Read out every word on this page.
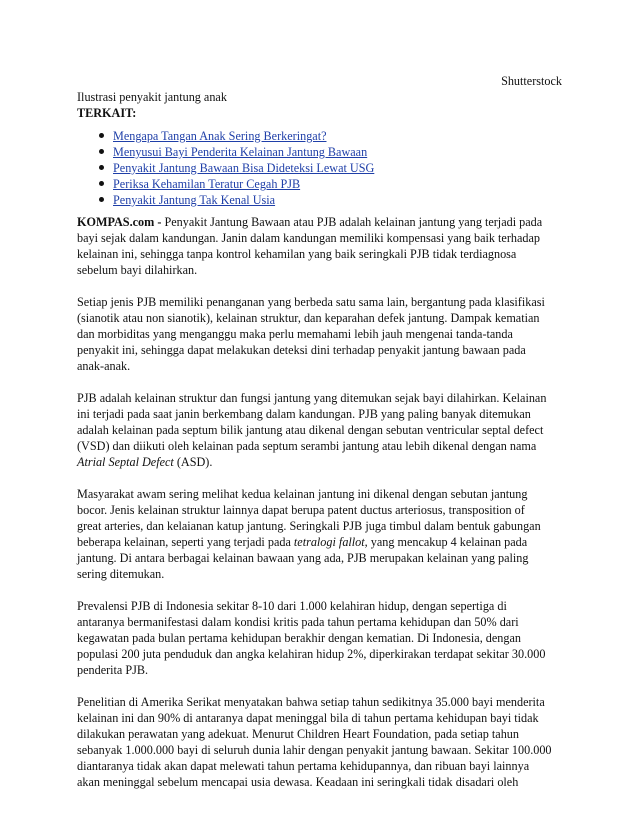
Shutterstock

Ilustrasi penyakit jantung anak

TERKAIT:

Mengapa Tangan Anak Sering Berkeringat?
Menyusui Bayi Penderita Kelainan Jantung Bawaan
Penyakit Jantung Bawaan Bisa Dideteksi Lewat USG
Periksa Kehamilan Teratur Cegah PJB
Penyakit Jantung Tak Kenal Usia

KOMPAS.com - Penyakit Jantung Bawaan atau PJB adalah kelainan jantung yang terjadi pada
bayi sejak dalam kandungan. Janin dalam kandungan memiliki kompensasi yang baik terhadap
kelainan ini, sehingga tanpa kontrol kehamilan yang baik seringkali PJB tidak terdiagnosa
sebelum bayi dilahirkan.

Setiap jenis PJB memiliki penanganan yang berbeda satu sama lain, bergantung pada klasifikasi
(sianotik atau non sianotik), kelainan struktur, dan keparahan defek jantung. Dampak kematian
dan morbiditas yang menganggu maka perlu memahami lebih jauh mengenai tanda-tanda
penyakit ini, sehingga dapat melakukan deteksi dini terhadap penyakit jantung bawaan pada
anak-anak.

PJB adalah kelainan struktur dan fungsi jantung yang ditemukan sejak bayi dilahirkan. Kelainan
ini terjadi pada saat janin berkembang dalam kandungan. PJB yang paling banyak ditemukan
adalah kelainan pada septum bilik jantung atau dikenal dengan sebutan ventricular septal defect
(VSD) dan diikuti oleh kelainan pada septum serambi jantung atau lebih dikenal dengan nama
Atrial Septal Defect (ASD).

Masyarakat awam sering melihat kedua kelainan jantung ini dikenal dengan sebutan jantung
bocor. Jenis kelainan struktur lainnya dapat berupa patent ductus arteriosus, transposition of
great arteries, dan kelaianan katup jantung. Seringkali PJB juga timbul dalam bentuk gabungan
beberapa kelainan, seperti yang terjadi pada tetralogi fallot, yang mencakup 4 kelainan pada
jantung. Di antara berbagai kelainan bawaan yang ada, PJB merupakan kelainan yang paling
sering ditemukan.

Prevalensi PJB di Indonesia sekitar 8-10 dari 1.000 kelahiran hidup, dengan sepertiga di
antaranya bermanifestasi dalam kondisi kritis pada tahun pertama kehidupan dan 50% dari
kegawatan pada bulan pertama kehidupan berakhir dengan kematian. Di Indonesia, dengan
populasi 200 juta penduduk dan angka kelahiran hidup 2%, diperkirakan terdapat sekitar 30.000
penderita PJB.

Penelitian di Amerika Serikat menyatakan bahwa setiap tahun sedikitnya 35.000 bayi menderita
kelainan ini dan 90% di antaranya dapat meninggal bila di tahun pertama kehidupan bayi tidak
dilakukan perawatan yang adekuat. Menurut Children Heart Foundation, pada setiap tahun
sebanyak 1.000.000 bayi di seluruh dunia lahir dengan penyakit jantung bawaan. Sekitar 100.000
diantaranya tidak akan dapat melewati tahun pertama kehidupannya, dan ribuan bayi lainnya
akan meninggal sebelum mencapai usia dewasa. Keadaan ini seringkali tidak disadari oleh
